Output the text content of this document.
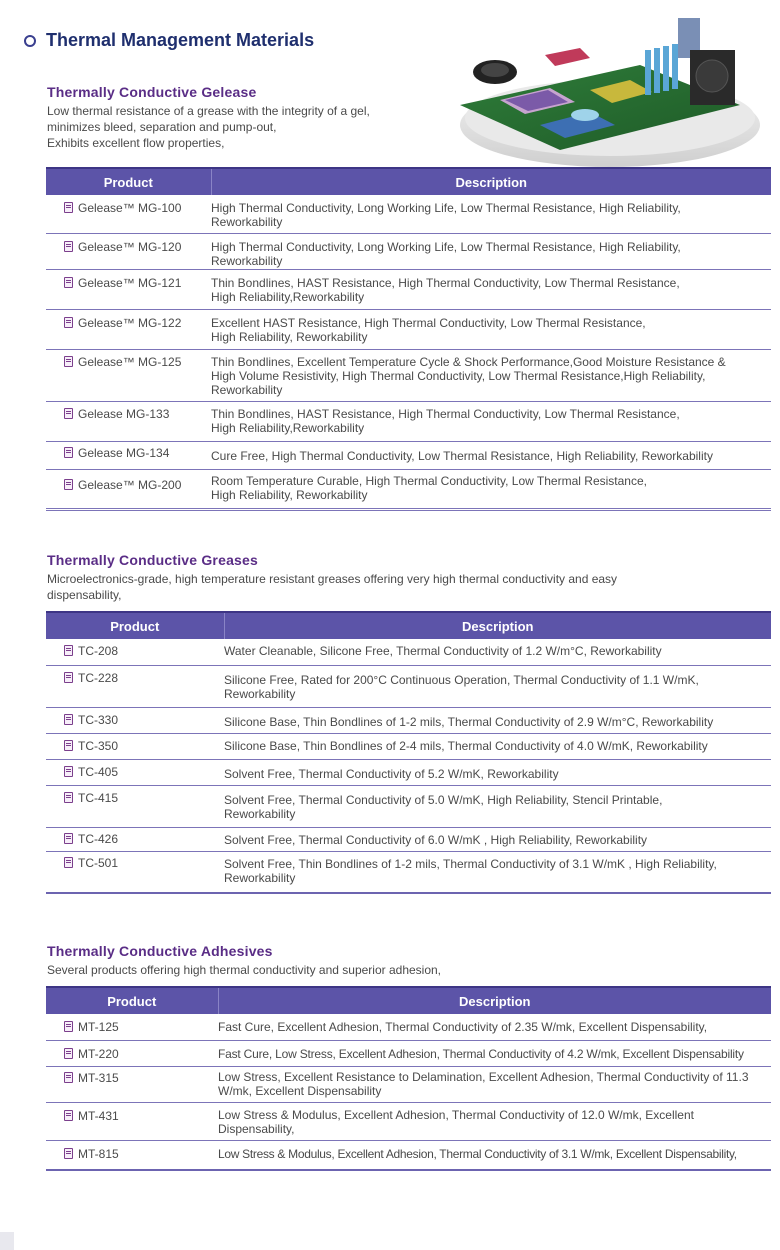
Thermal Management Materials
Thermally Conductive Gelease
Low thermal resistance of a grease with the integrity of a gel,
minimizes bleed, separation and pump-out,
Exhibits excellent flow properties,
Product	Description
Gelease™ MG-100	High Thermal Conductivity, Long Working Life, Low Thermal Resistance, High Reliability,
Reworkability

Gelease™ MG-120	High Thermal Conductivity, Long Working Life, Low Thermal Resistance, High Reliability,
Reworkability

Gelease™ MG-121	Thin Bondlines, HAST Resistance, High Thermal Conductivity, Low Thermal Resistance,
High Reliability,Reworkability

Gelease™ MG-122	Excellent HAST Resistance, High Thermal Conductivity, Low Thermal Resistance,
High Reliability, Reworkability

Gelease™ MG-125	Thin Bondlines, Excellent Temperature Cycle & Shock Performance,Good Moisture Resistance &
High Volume Resistivity, High Thermal Conductivity, Low Thermal Resistance,High Reliability,
Reworkability

Gelease MG-133	Thin Bondlines, HAST Resistance, High Thermal Conductivity, Low Thermal Resistance,
High Reliability,Reworkability

Gelease MG-134	Cure Free, High Thermal Conductivity, Low Thermal Resistance, High Reliability, Reworkability

Gelease™ MG-200	Room Temperature Curable, High Thermal Conductivity, Low Thermal Resistance,
High Reliability, Reworkability
Thermally Conductive Greases
Microelectronics-grade, high temperature resistant greases offering very high thermal conductivity and easy
dispensability,
Product	Description
TC-208	Water Cleanable, Silicone Free, Thermal Conductivity of 1.2 W/m°C, Reworkability

TC-228	Silicone Free, Rated for 200°C Continuous Operation, Thermal Conductivity of 1.1 W/mK,
Reworkability

TC-330	Silicone Base, Thin Bondlines of 1-2 mils, Thermal Conductivity of 2.9 W/m°C, Reworkability

TC-350	Silicone Base, Thin Bondlines of 2-4 mils, Thermal Conductivity of 4.0 W/mK, Reworkability

TC-405	Solvent Free, Thermal Conductivity of 5.2 W/mK, Reworkability

TC-415	Solvent Free, Thermal Conductivity of 5.0 W/mK, High Reliability, Stencil Printable,
Reworkability

TC-426	Solvent Free, Thermal Conductivity of 6.0 W/mK , High Reliability, Reworkability

TC-501	Solvent Free, Thin Bondlines of 1-2 mils, Thermal Conductivity of 3.1 W/mK , High Reliability,
Reworkability
Thermally Conductive Adhesives
Several products offering high thermal conductivity and superior adhesion,
Product	Description
MT-125	Fast Cure, Excellent Adhesion, Thermal Conductivity of 2.35 W/mk, Excellent Dispensability,

MT-220	Fast Cure, Low Stress, Excellent Adhesion, Thermal Conductivity of 4.2 W/mk, Excellent Dispensability

MT-315	Low Stress, Excellent Resistance to Delamination, Excellent Adhesion, Thermal Conductivity of 11.3
W/mk, Excellent Dispensability

MT-431	Low Stress & Modulus, Excellent Adhesion, Thermal Conductivity of 12.0 W/mk, Excellent
Dispensability,

MT-815	Low Stress & Modulus, Excellent Adhesion, Thermal Conductivity of 3.1 W/mk, Excellent Dispensability,
